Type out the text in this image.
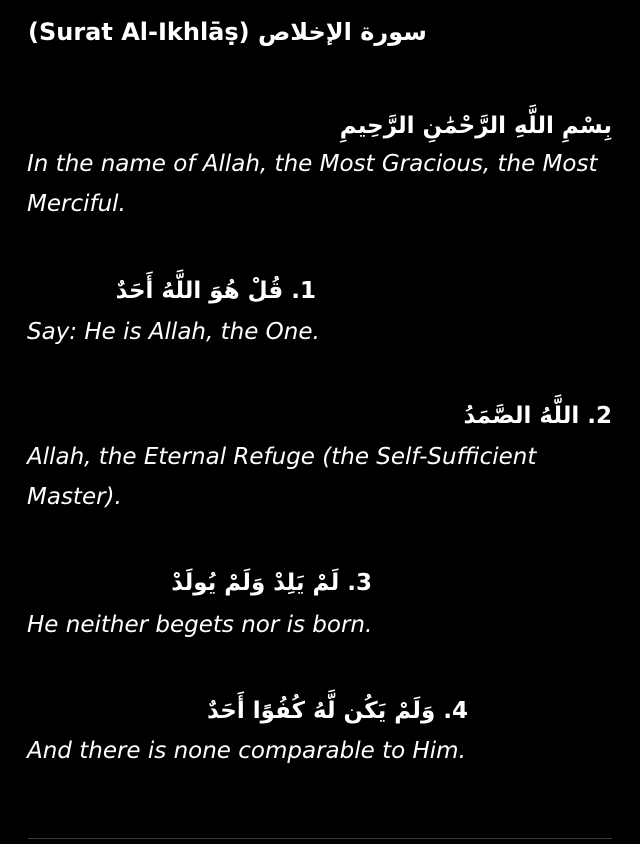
(Surat Al-Ikhlāṣ) سورة الإخلاص
بِسْمِ اللَّهِ الرَّحْمَٰنِ الرَّحِيمِ
In the name of Allah, the Most Gracious, the Most Merciful.
1. قُلْ هُوَ اللَّهُ أَحَدٌ
Say: He is Allah, the One.
2. اللَّهُ الصَّمَدُ
Allah, the Eternal Refuge (the Self-Sufficient Master).
3. لَمْ يَلِدْ وَلَمْ يُولَدْ
He neither begets nor is born.
4. وَلَمْ يَكُن لَّهُ كُفُوًا أَحَدٌ
And there is none comparable to Him.
